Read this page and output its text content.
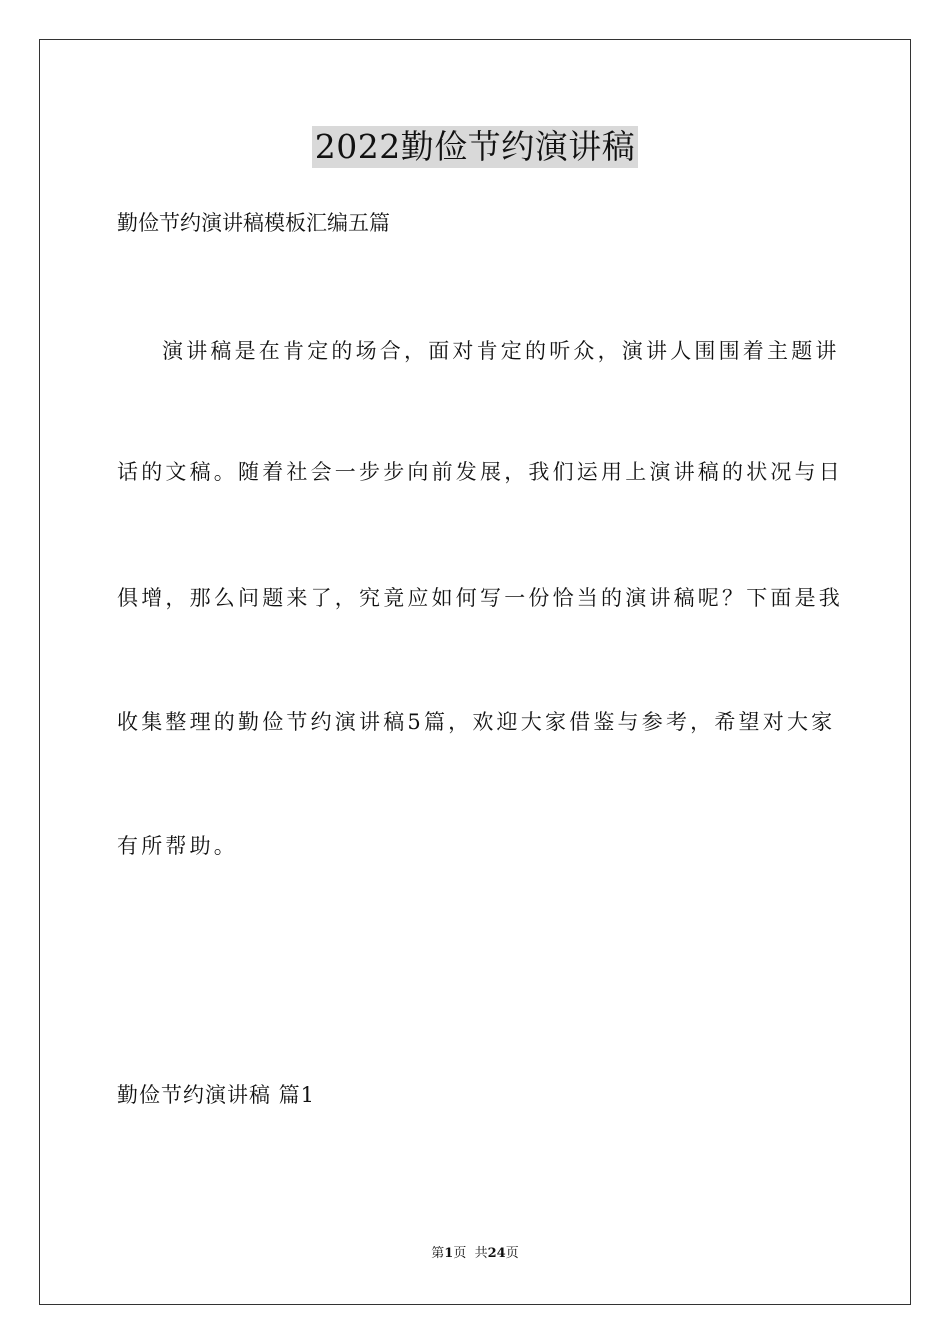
2022勤俭节约演讲稿
勤俭节约演讲稿模板汇编五篇
演讲稿是在肯定的场合，面对肯定的听众，演讲人围围着主题讲
话的文稿。随着社会一步步向前发展，我们运用上演讲稿的状况与日
俱增，那么问题来了，究竟应如何写一份恰当的演讲稿呢？下面是我
收集整理的勤俭节约演讲稿5篇，欢迎大家借鉴与参考，希望对大家
有所帮助。
勤俭节约演讲稿 篇1
第1页  共24页
